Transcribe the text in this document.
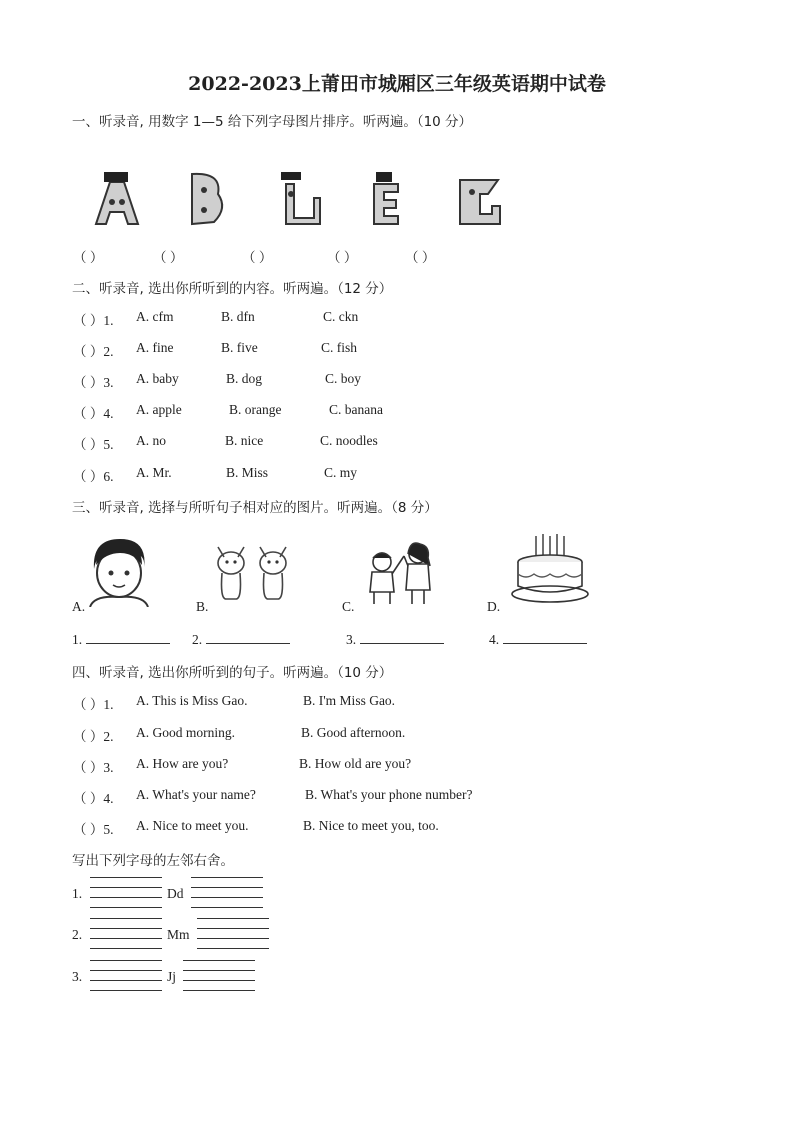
2022-2023上莆田市城厢区三年级英语期中试卷
一、听录音, 用数字 1—5 给下列字母图片排序。听两遍。（10 分）
（ ）	（ ）	（ ）	（ ）	（ ）
二、听录音, 选出你所听到的内容。听两遍。（12 分）
（ ）1. A. cfm	B. dfn	C. ckn
（ ）2. A. fine	B. five	C. fish
（ ）3. A. baby	B. dog	C. boy
（ ）4. A. apple	B. orange	C. banana
（ ）5. A. no	B. nice	C. noodles
（ ）6. A. Mr.	B. Miss	C. my
三、听录音, 选择与所听句子相对应的图片。听两遍。（8 分）
A.	B.	C.	D.
1.	2.	3.	4.
四、听录音, 选出你所听到的句子。听两遍。（10 分）
（ ）1. A. This is Miss Gao.	B. I'm Miss Gao.
（ ）2. A. Good morning.	B. Good afternoon.
（ ）3. A. How are you?	B. How old are you?
（ ）4. A. What's your name?	B. What's your phone number?
（ ）5. A. Nice to meet you.	B. Nice to meet you, too.
写出下列字母的左邻右舍。
1.	Dd
2.	Mm
3.	Jj
